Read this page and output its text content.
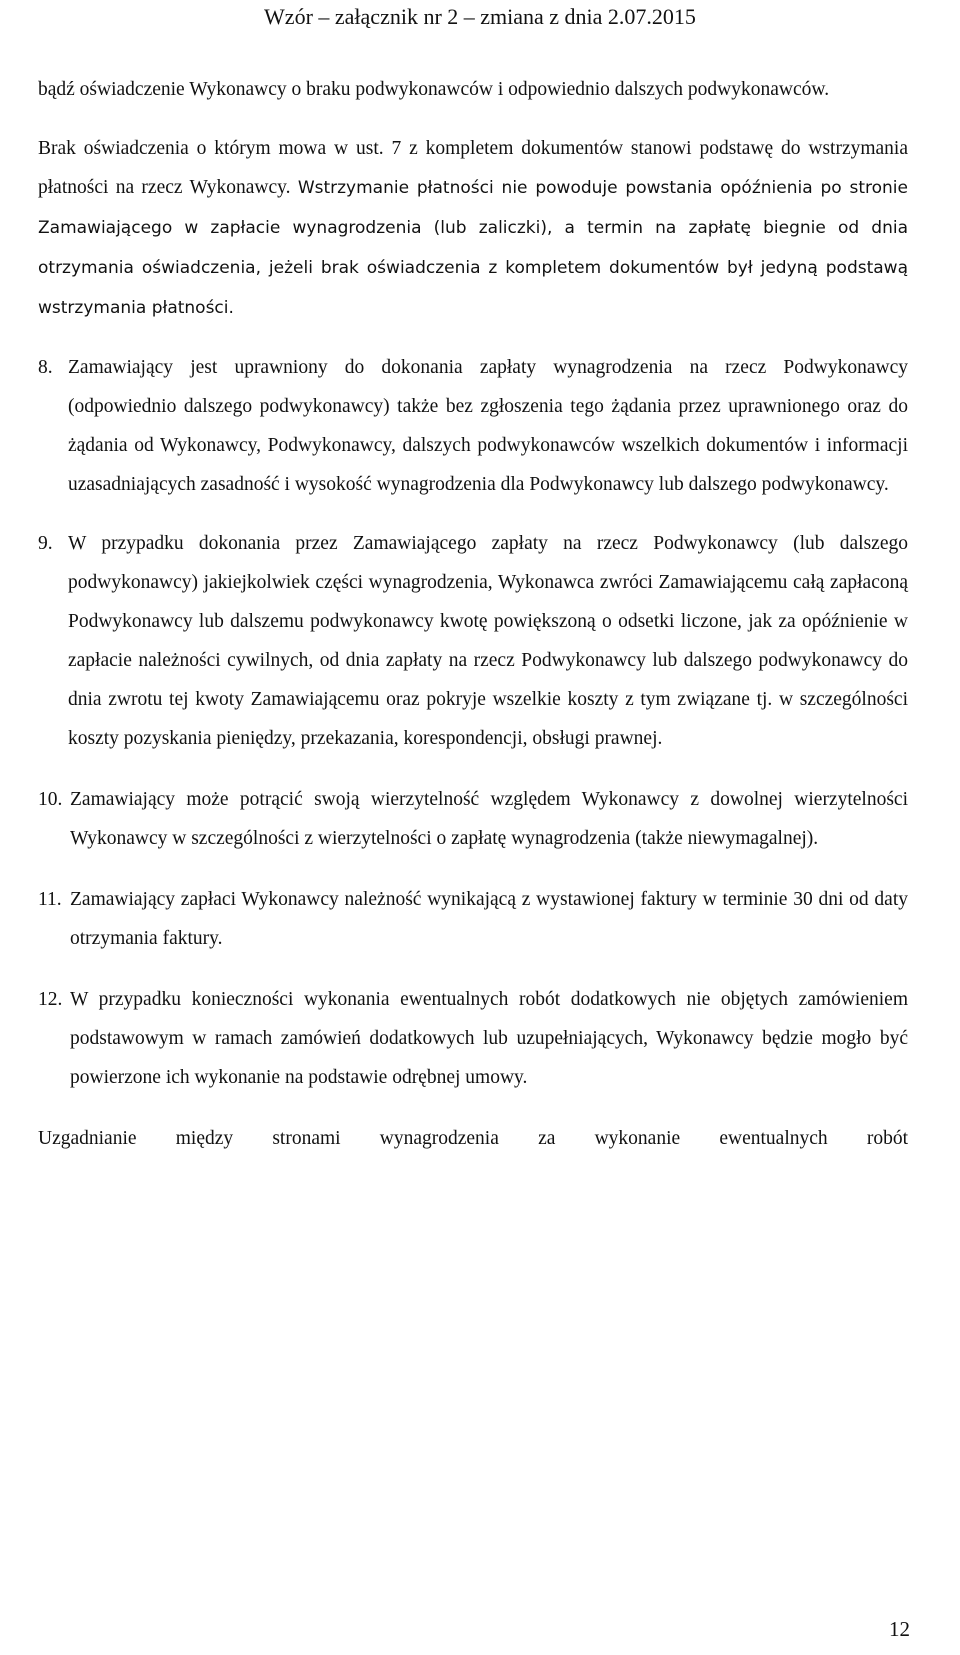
Wzór – załącznik nr 2 – zmiana z dnia 2.07.2015

bądź oświadczenie Wykonawcy o braku podwykonawców i odpowiednio dalszych podwykonawców.

Brak oświadczenia o którym mowa w ust. 7 z kompletem dokumentów stanowi podstawę do wstrzymania płatności na rzecz Wykonawcy. Wstrzymanie płatności nie powoduje powstania opóźnienia po stronie Zamawiającego w zapłacie wynagrodzenia (lub zaliczki), a termin na zapłatę biegnie od dnia otrzymania oświadczenia, jeżeli brak oświadczenia z kompletem dokumentów był jedyną podstawą wstrzymania płatności.

8. Zamawiający jest uprawniony do dokonania zapłaty wynagrodzenia na rzecz Podwykonawcy (odpowiednio dalszego podwykonawcy) także bez zgłoszenia tego żądania przez uprawnionego oraz do żądania od Wykonawcy, Podwykonawcy, dalszych podwykonawców wszelkich dokumentów i informacji uzasadniających zasadność i wysokość wynagrodzenia dla Podwykonawcy lub dalszego podwykonawcy.
9. W przypadku dokonania przez Zamawiającego zapłaty na rzecz Podwykonawcy (lub dalszego podwykonawcy) jakiejkolwiek części wynagrodzenia, Wykonawca zwróci Zamawiającemu całą zapłaconą Podwykonawcy lub dalszemu podwykonawcy kwotę powiększoną o odsetki liczone, jak za opóźnienie w zapłacie należności cywilnych, od dnia zapłaty na rzecz Podwykonawcy lub dalszego podwykonawcy do dnia zwrotu tej kwoty Zamawiającemu oraz pokryje wszelkie koszty z tym związane tj. w szczególności koszty pozyskania pieniędzy, przekazania, korespondencji, obsługi prawnej.
10. Zamawiający może potrącić swoją wierzytelność względem Wykonawcy z dowolnej wierzytelności Wykonawcy w szczególności z wierzytelności o zapłatę wynagrodzenia (także niewymagalnej).
11. Zamawiający zapłaci Wykonawcy należność wynikającą z wystawionej faktury w terminie 30 dni od daty otrzymania faktury.
12. W przypadku konieczności wykonania ewentualnych robót dodatkowych nie objętych zamówieniem podstawowym w ramach zamówień dodatkowych lub uzupełniających, Wykonawcy będzie mogło być powierzone ich wykonanie na podstawie odrębnej umowy.

Uzgadnianie między stronami wynagrodzenia za wykonanie ewentualnych robót

12
